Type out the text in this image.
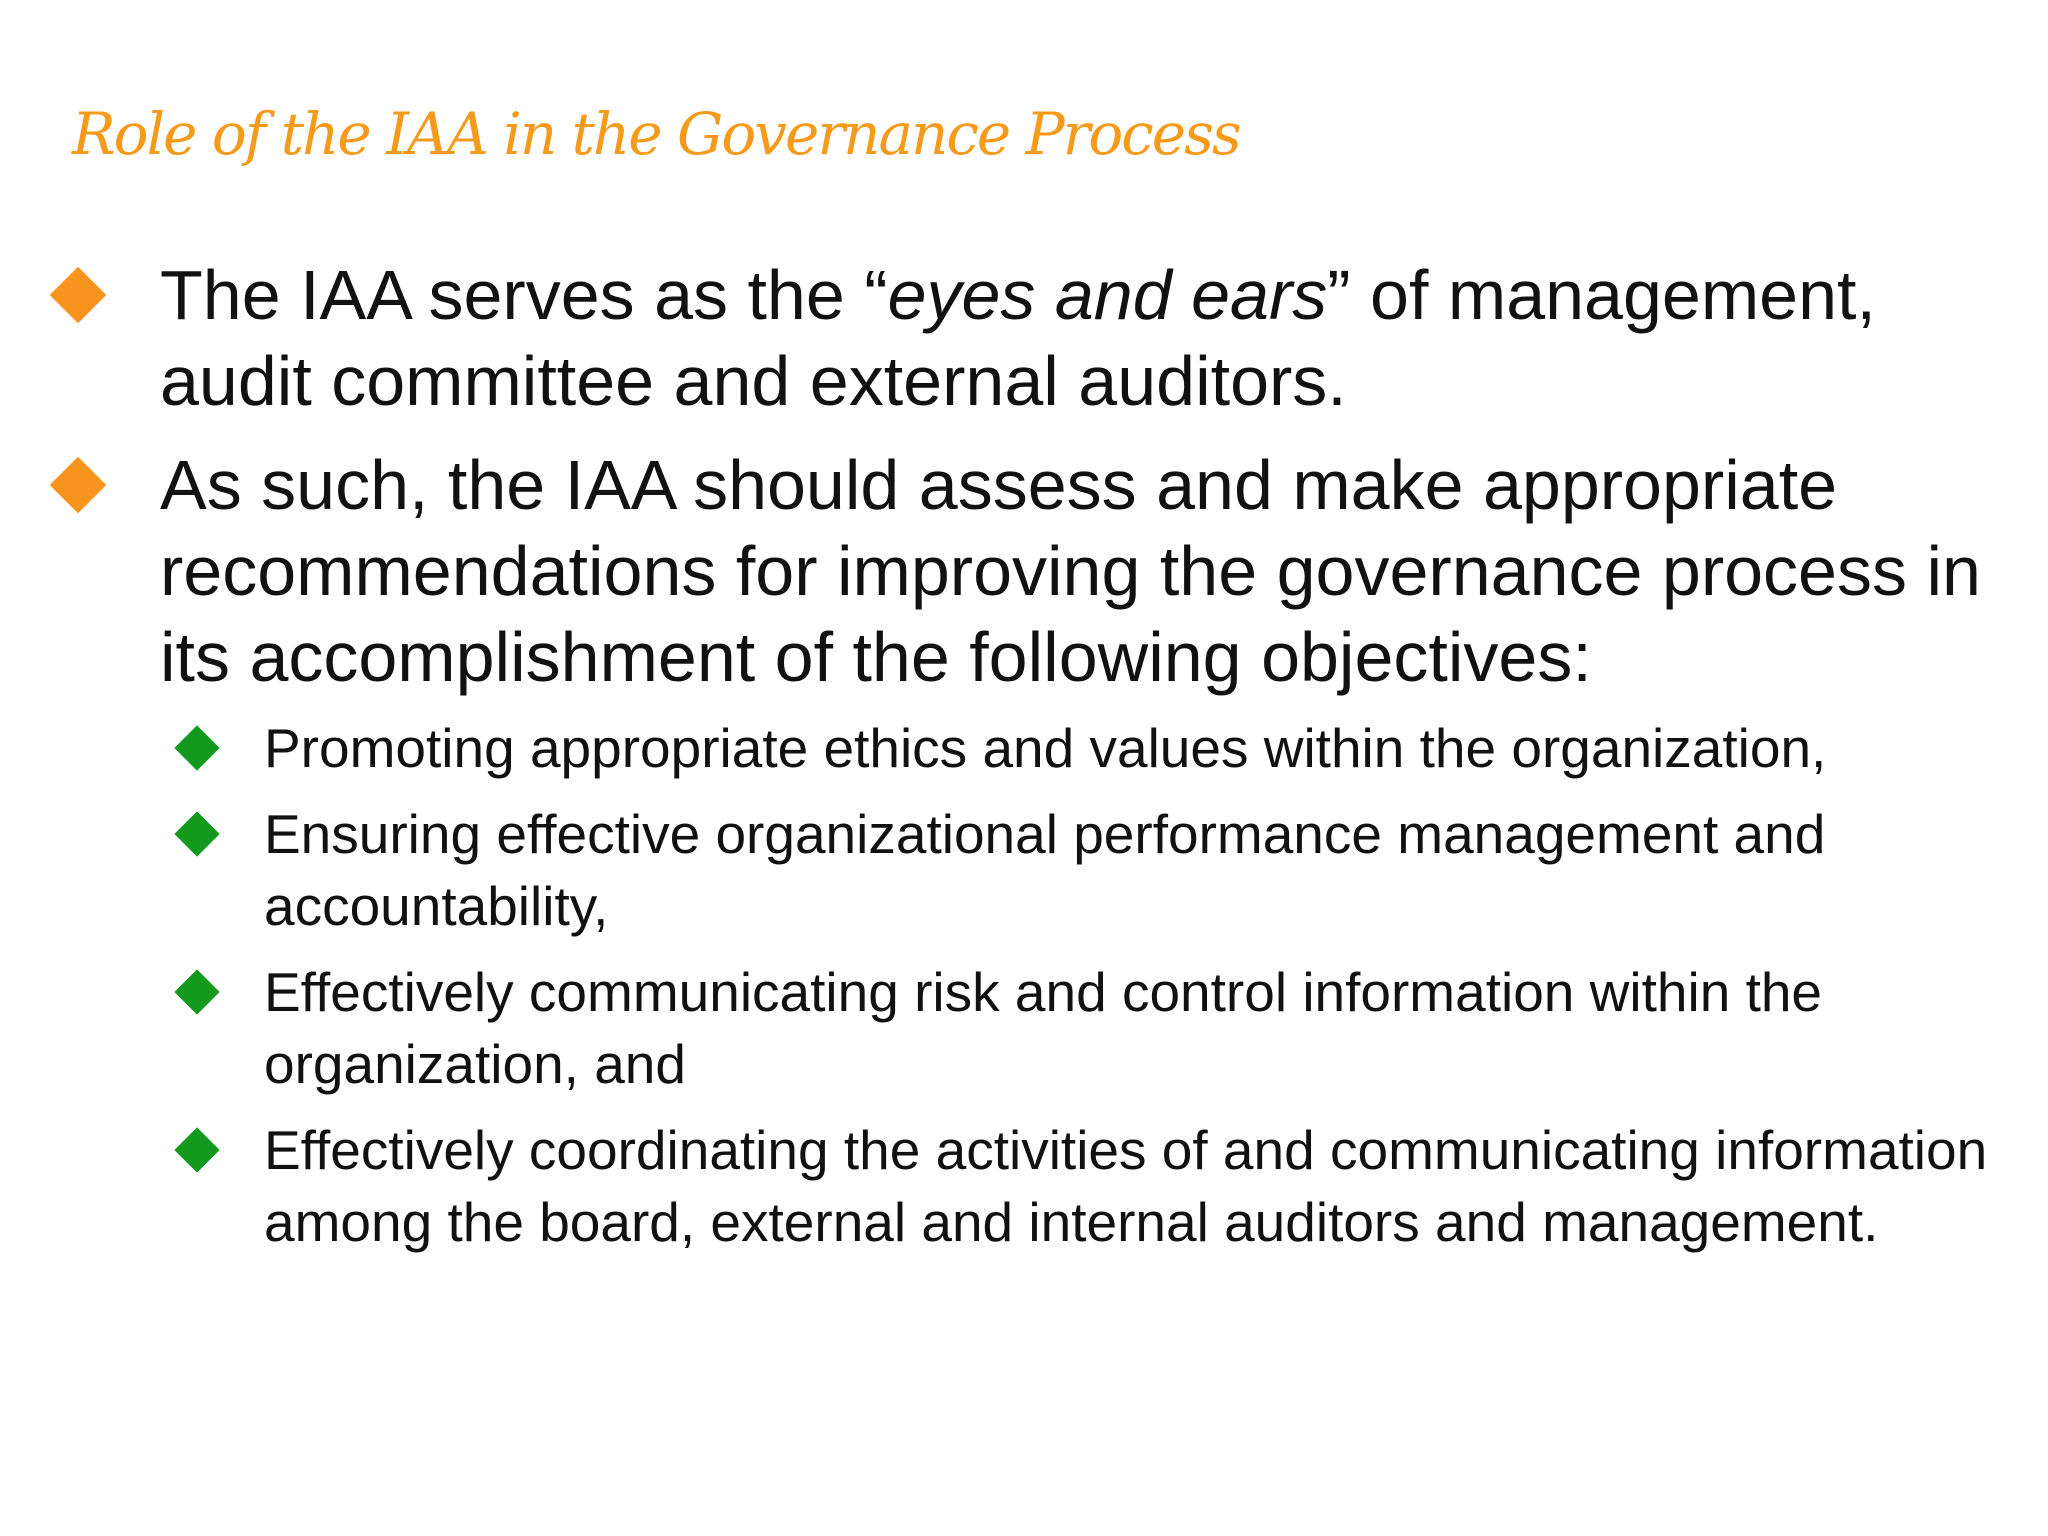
Role of the IAA in the Governance Process
The IAA serves as the “eyes and ears” of management, audit committee and external auditors.
As such, the IAA should assess and make appropriate recommendations for improving the governance process in its accomplishment of the following objectives:
Promoting appropriate ethics and values within the organization,
Ensuring effective organizational performance management and accountability,
Effectively communicating risk and control information within the organization, and
Effectively coordinating the activities of and communicating information among the board, external and internal auditors and management.
